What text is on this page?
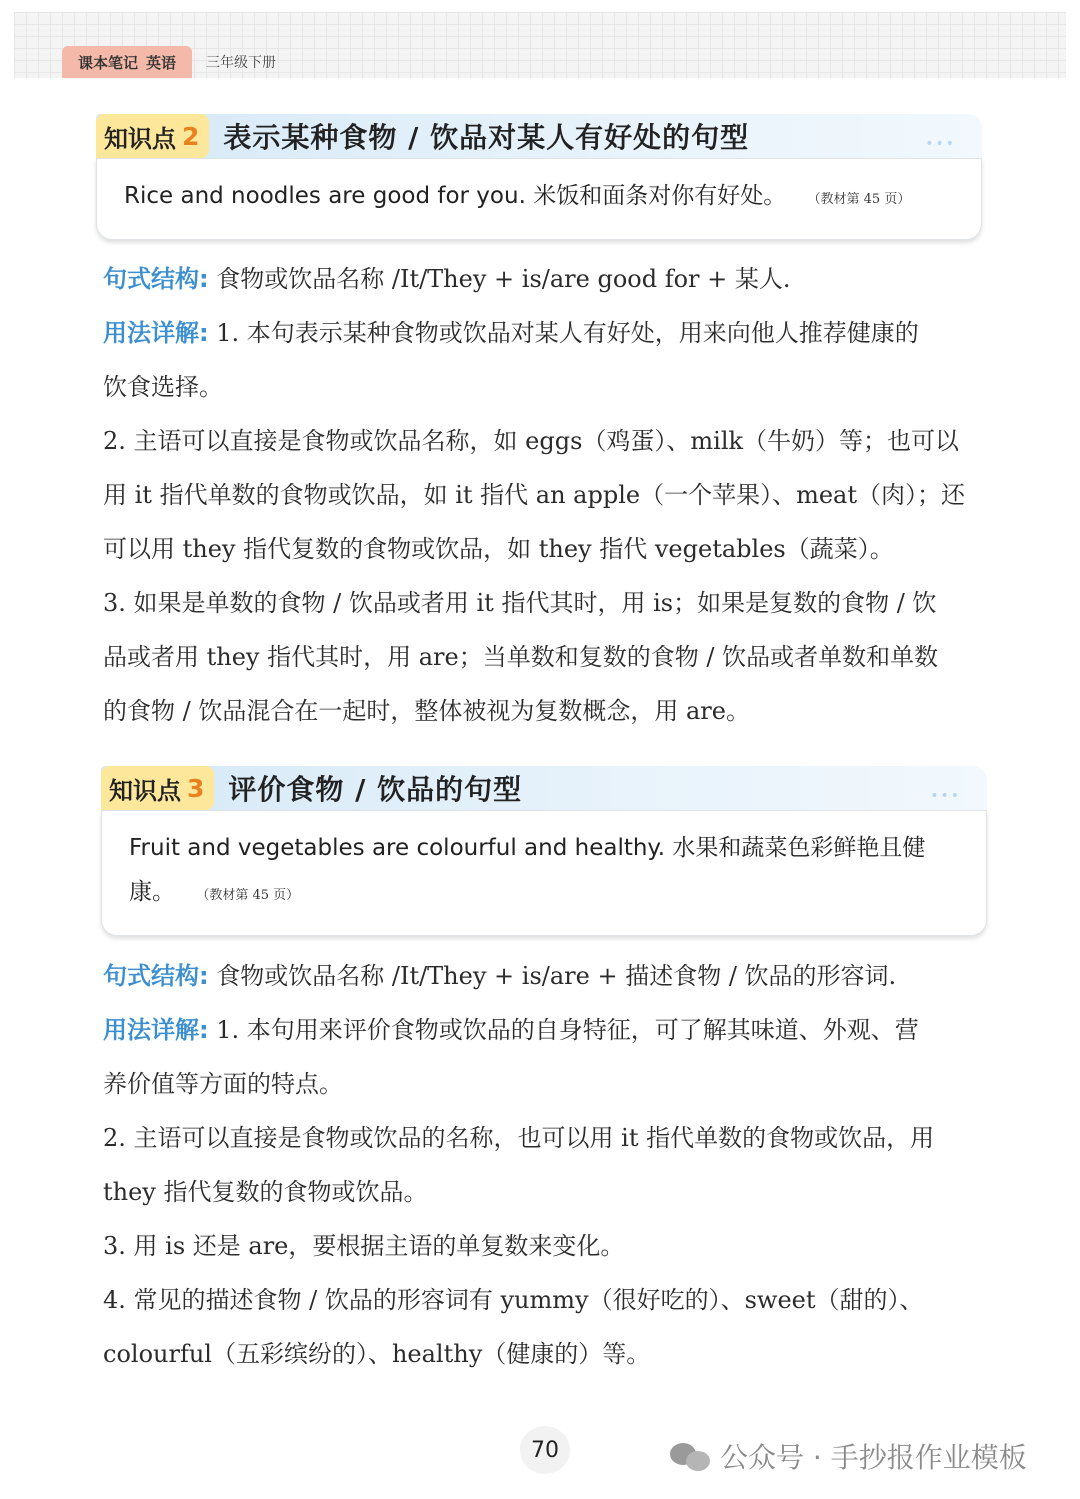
课本笔记 英语 三年级下册
知识点 2 表示某种食物 / 饮品对某人有好处的句型	•••
Rice and noodles are good for you. 米饭和面条对你有好处。 （教材第 45 页）
句式结构: 食物或饮品名称 /It/They + is/are good for + 某人.
用法详解: 1. 本句表示某种食物或饮品对某人有好处，用来向他人推荐健康的
饮食选择。
2. 主语可以直接是食物或饮品名称，如 eggs（鸡蛋）、milk（牛奶）等；也可以
用 it 指代单数的食物或饮品，如 it 指代 an apple（一个苹果）、meat（肉）；还
可以用 they 指代复数的食物或饮品，如 they 指代 vegetables（蔬菜）。
3. 如果是单数的食物 / 饮品或者用 it 指代其时，用 is；如果是复数的食物 / 饮
品或者用 they 指代其时，用 are；当单数和复数的食物 / 饮品或者单数和单数
的食物 / 饮品混合在一起时，整体被视为复数概念，用 are。
知识点 3 评价食物 / 饮品的句型	•••
Fruit and vegetables are colourful and healthy. 水果和蔬菜色彩鲜艳且健
康。 （教材第 45 页）
句式结构: 食物或饮品名称 /It/They + is/are + 描述食物 / 饮品的形容词.
用法详解: 1. 本句用来评价食物或饮品的自身特征，可了解其味道、外观、营
养价值等方面的特点。
2. 主语可以直接是食物或饮品的名称，也可以用 it 指代单数的食物或饮品，用
they 指代复数的食物或饮品。
3. 用 is 还是 are，要根据主语的单复数来变化。
4. 常见的描述食物 / 饮品的形容词有 yummy（很好吃的）、sweet（甜的）、
colourful（五彩缤纷的）、healthy（健康的）等。
70	公众号 · 手抄报作业模板
